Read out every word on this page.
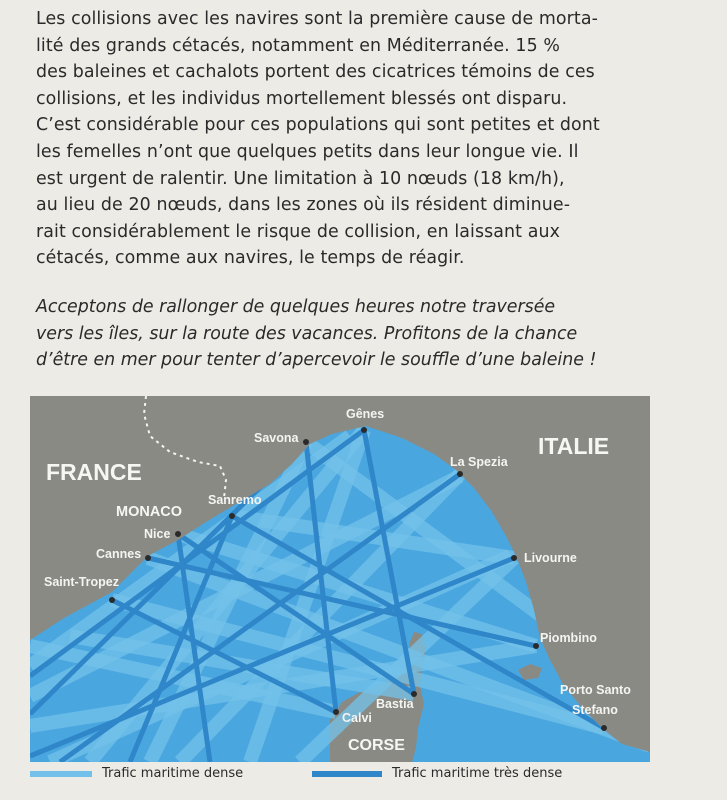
Les collisions avec les navires sont la première cause de morta-

lité des grands cétacés, notamment en Méditerranée. 15 %

des baleines et cachalots portent des cicatrices témoins de ces

collisions, et les individus mortellement blessés ont disparu.

C’est considérable pour ces populations qui sont petites et dont

les femelles n’ont que quelques petits dans leur longue vie. Il

est urgent de ralentir. Une limitation à 10 nœuds (18 km/h),

au lieu de 20 nœuds, dans les zones où ils résident diminue-

rait considérablement le risque de collision, en laissant aux

cétacés, comme aux navires, le temps de réagir.

Acceptons de rallonger de quelques heures notre traversée

vers les îles, sur la route des vacances. Profitons de la chance

d’être en mer pour tenter d’apercevoir le souffle d’une baleine !

FRANCE
ITALIE
MONACO
CORSE
Gênes
Savona
La Spezia
Sanremo
Nice
Cannes
Saint-Tropez
Livourne
Piombino
Porto Santo
Stefano
Bastia
Calvi
Trafic maritime dense	Trafic maritime très dense
